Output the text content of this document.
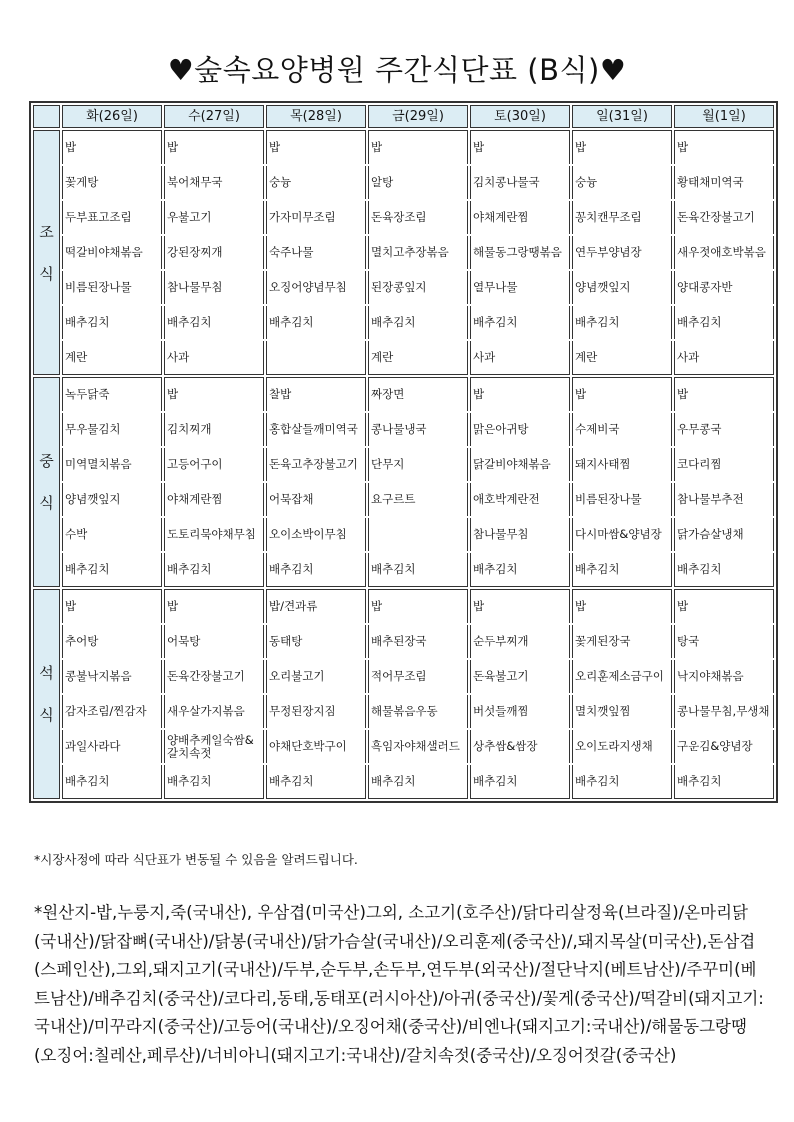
♥숲속요양병원 주간식단표 (B식)♥
	화(26일)	수(27일)	목(28일)	금(29일)	토(30일)	일(31일)	월(1일)
조식	밥	밥	밥	밥	밥	밥	밥
	꽃게탕	북어채무국	숭늉	알탕	김치콩나물국	숭늉	황태채미역국
	두부표고조림	우불고기	가자미무조림	돈육장조림	야채계란찜	꽁치캔무조림	돈육간장불고기
	떡갈비야채볶음	강된장찌개	숙주나물	멸치고추장볶음	해물동그랑땡볶음	연두부양념장	새우젓애호박볶음
	비름된장나물	참나물무침	오징어양념무침	된장콩잎지	열무나물	양념깻잎지	양대콩자반
	배추김치	배추김치	배추김치	배추김치	배추김치	배추김치	배추김치
	계란	사과		계란	사과	계란	사과
중식	녹두닭죽	밥	찰밥	짜장면	밥	밥	밥
	무우물김치	김치찌개	홍합살들깨미역국	콩나물냉국	맑은아귀탕	수제비국	우무콩국
	미역멸치볶음	고등어구이	돈육고추장불고기	단무지	닭갈비야채볶음	돼지사태찜	코다리찜
	양념깻잎지	야채계란찜	어묵잡채	요구르트	애호박계란전	비름된장나물	참나물부추전
	수박	도토리묵야채무침	오이소박이무침		참나물무침	다시마쌈&양념장	닭가슴살냉채
	배추김치	배추김치	배추김치	배추김치	배추김치	배추김치	배추김치
석식	밥	밥	밥/견과류	밥	밥	밥	밥
	추어탕	어묵탕	동태탕	배추된장국	순두부찌개	꽃게된장국	탕국
	콩불낙지볶음	돈육간장불고기	오리불고기	적어무조림	돈육불고기	오리훈제소금구이	낙지야채볶음
	감자조림/찐감자	새우살가지볶음	무정된장지짐	해물볶음우동	버섯들깨찜	멸치깻잎찜	콩나물무침,무생채
	과일사라다	양배추케일숙쌈&갈치속젓	야채단호박구이	흑임자야채샐러드	상추쌈&쌈장	오이도라지생채	구운김&양념장
	배추김치	배추김치	배추김치	배추김치	배추김치	배추김치	배추김치
*시장사정에 따라 식단표가 변동될 수 있음을 알려드립니다.
*원산지-밥,누룽지,죽(국내산), 우삼겹(미국산)그외, 소고기(호주산)/닭다리살정육(브라질)/온마리닭(국내산)/닭잡뼈(국내산)/닭봉(국내산)/닭가슴살(국내산)/오리훈제(중국산)/,돼지목살(미국산),돈삼겹(스페인산),그외,돼지고기(국내산)/두부,순두부,손두부,연두부(외국산)/절단낙지(베트남산)/주꾸미(베트남산)/배추김치(중국산)/코다리,동태,동태포(러시아산)/아귀(중국산)/꽃게(중국산)/떡갈비(돼지고기:국내산)/미꾸라지(중국산)/고등어(국내산)/오징어채(중국산)/비엔나(돼지고기:국내산)/해물동그랑땡(오징어:칠레산,페루산)/너비아니(돼지고기:국내산)/갈치속젓(중국산)/오징어젓갈(중국산)
